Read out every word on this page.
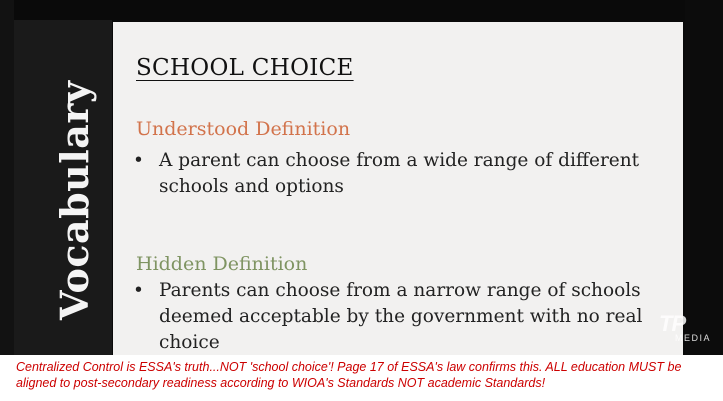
Vocabulary
SCHOOL CHOICE
Understood Definition
• A parent can choose from a wide range of different schools and options
Hidden Definition
• Parents can choose from a narrow range of schools deemed acceptable by the government with no real choice
TP
MEDIA
Centralized Control is ESSA's truth...NOT 'school choice'! Page 17 of ESSA's law confirms this. ALL education MUST be aligned to post-secondary readiness according to WIOA's Standards NOT academic Standards!
